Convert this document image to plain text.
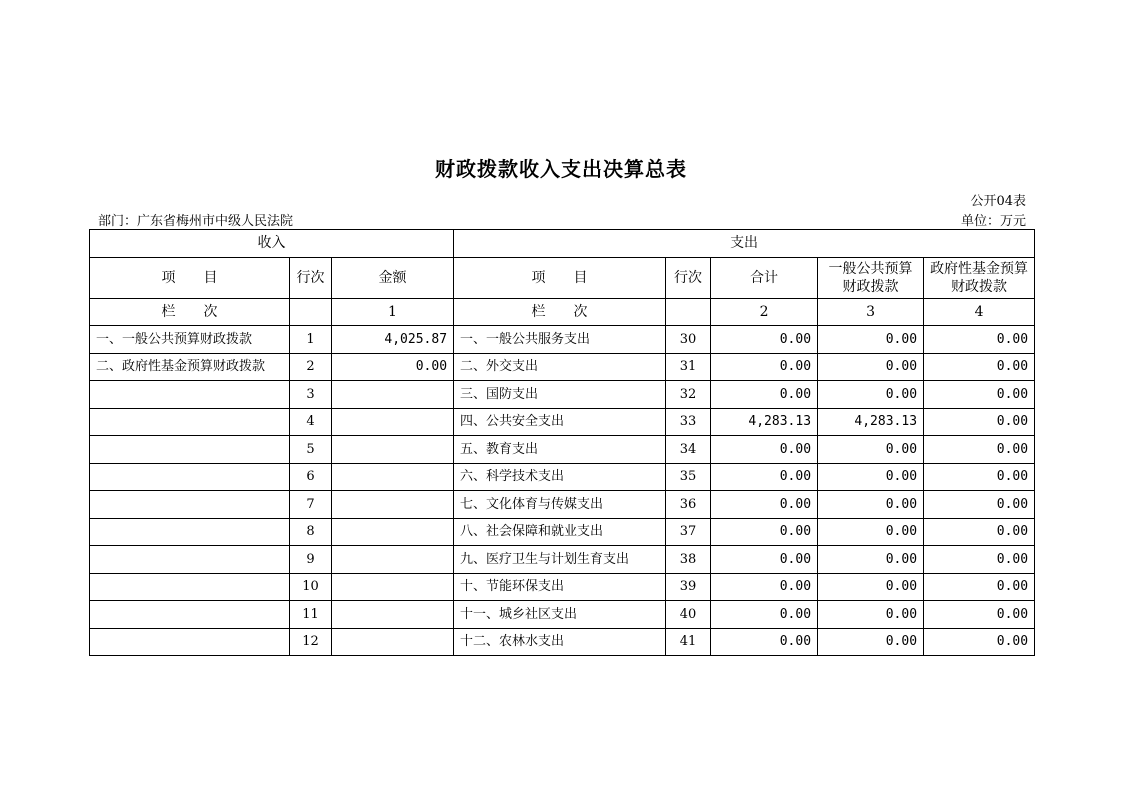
财政拨款收入支出决算总表
公开04表
部门：广东省梅州市中级人民法院	单位：万元
收入			支出				
项　　目	行次	金额	项　　目	行次	合计	一般公共预算财政拨款	政府性基金预算财政拨款
栏　　次		1	栏　　次		2	3	4
一、一般公共预算财政拨款	1	4,025.87	一、一般公共服务支出	30	0.00	0.00	0.00
二、政府性基金预算财政拨款	2	0.00	二、外交支出	31	0.00	0.00	0.00
	3		三、国防支出	32	0.00	0.00	0.00
	4		四、公共安全支出	33	4,283.13	4,283.13	0.00
	5		五、教育支出	34	0.00	0.00	0.00
	6		六、科学技术支出	35	0.00	0.00	0.00
	7		七、文化体育与传媒支出	36	0.00	0.00	0.00
	8		八、社会保障和就业支出	37	0.00	0.00	0.00
	9		九、医疗卫生与计划生育支出	38	0.00	0.00	0.00
	10		十、节能环保支出	39	0.00	0.00	0.00
	11		十一、城乡社区支出	40	0.00	0.00	0.00
	12		十二、农林水支出	41	0.00	0.00	0.00
